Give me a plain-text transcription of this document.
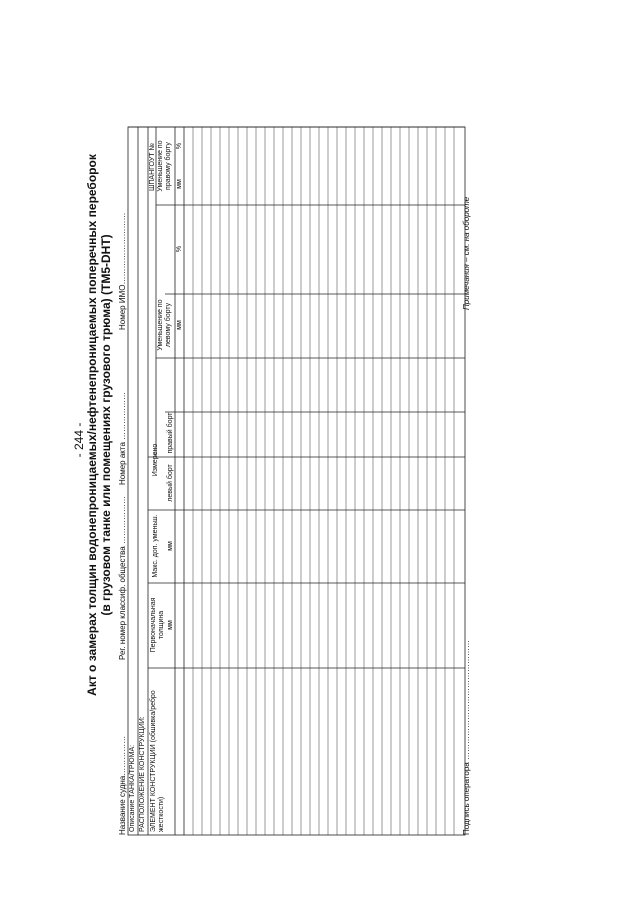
- 244 - Акт о замерах толщин водонепроницаемых/нефтенепроницаемых поперечных переборок (в грузовом танке или помещениях грузового трюма) (TM5-DHT)
Название судна……………
Рег. номер классиф. общества ………………
Номер акта ………………
Номер ИМО………………………
Описание ТАНКА/ТРЮМА: РАСПОЛОЖЕНИЕ КОНСТРУКЦИИ: ЭЛЕМЕНТ КОНСТРУКЦИИ (обшивка/ребро жесткости)
Первоначальная толщина мм
Макс. доп. уменьш. мм
Измерено
левый борт
правый борт
ШПАНГОУТ №
Уменьшение по левому борту мм
%
Уменьшение по правому борту мм
%
Подпись оператора ………………………………………
Примечания – см. на обороте
